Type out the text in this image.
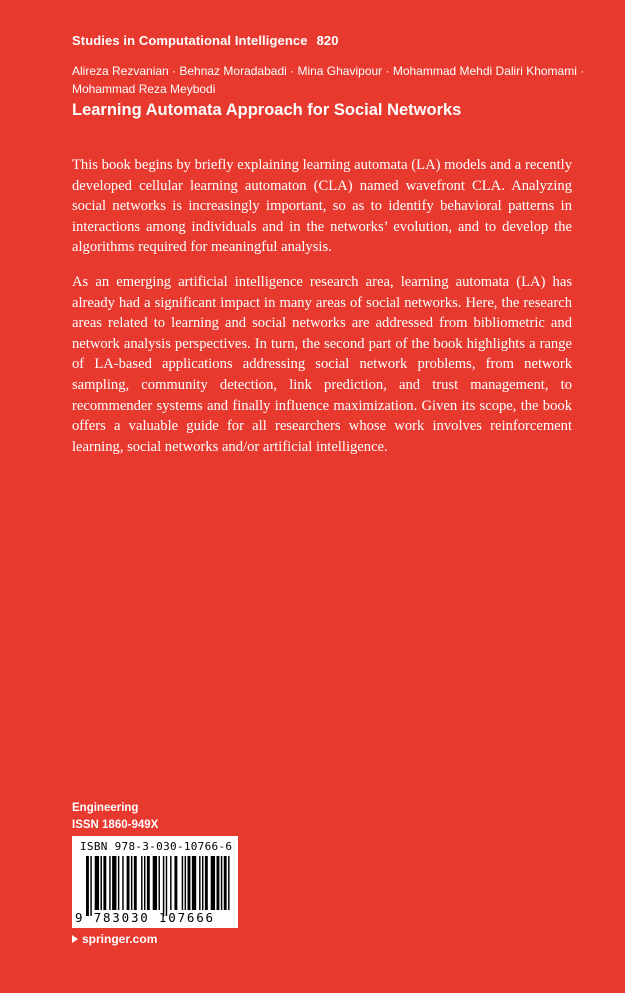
Studies in Computational Intelligence 820
Alireza Rezvanian · Behnaz Moradabadi · Mina Ghavipour · Mohammad Mehdi Daliri Khomami ·
Mohammad Reza Meybodi
Learning Automata Approach for Social Networks

This book begins by briefly explaining learning automata (LA) models and a recently developed cellular learning automaton (CLA) named wavefront CLA. Analyzing social networks is increasingly important, so as to identify behavioral patterns in interactions among individuals and in the networks’ evolution, and to develop the algorithms required for meaningful analysis.

As an emerging artificial intelligence research area, learning automata (LA) has already had a significant impact in many areas of social networks. Here, the research areas related to learning and social networks are addressed from bibliometric and network analysis perspectives. In turn, the second part of the book highlights a range of LA-based applications addressing social network problems, from network sampling, community detection, link prediction, and trust management, to recommender systems and finally influence maximization. Given its scope, the book offers a valuable guide for all researchers whose work involves reinforcement learning, social networks and/or artificial intelligence.

Engineering
ISSN 1860-949X
ISBN 978-3-030-10766-6
9 783030 107666
springer.com
